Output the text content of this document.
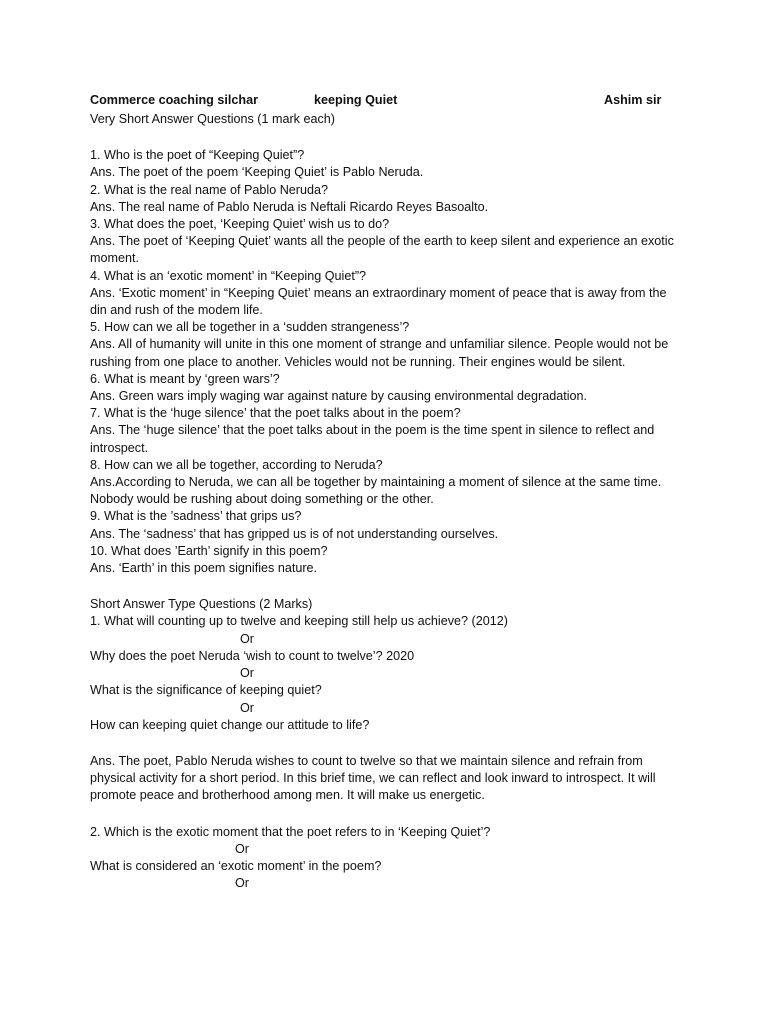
Commerce coaching silchar	keeping Quiet	Ashim sir
Very Short Answer Questions (1 mark each)
1. Who is the poet of “Keeping Quiet”?
Ans. The poet of the poem ‘Keeping Quiet’ is Pablo Neruda.
2. What is the real name of Pablo Neruda?
Ans. The real name of Pablo Neruda is Neftali Ricardo Reyes Basoalto.
3. What does the poet, ‘Keeping Quiet’ wish us to do?
Ans. The poet of ‘Keeping Quiet’ wants all the people of the earth to keep silent and experience an exotic moment.
4. What is an ‘exotic moment’ in “Keeping Quiet”?
Ans. ‘Exotic moment’ in “Keeping Quiet’ means an extraordinary moment of peace that is away from the din and rush of the modem life.
5. How can we all be together in a ‘sudden strangeness’?
Ans. All of humanity will unite in this one moment of strange and unfamiliar silence. People would not be rushing from one place to another. Vehicles would not be running. Their engines would be silent.
6. What is meant by ‘green wars’?
Ans. Green wars imply waging war against nature by causing environmental degradation.
7. What is the ‘huge silence’ that the poet talks about in the poem?
Ans. The ‘huge silence’ that the poet talks about in the poem is the time spent in silence to reflect and introspect.
8. How can we all be together, according to Neruda?
Ans.According to Neruda, we can all be together by maintaining a moment of silence at the same time. Nobody would be rushing about doing something or the other.
9. What is the ’sadness’ that grips us?
Ans. The ‘sadness’ that has gripped us is of not understanding ourselves.
10. What does ’Earth’ signify in this poem?
Ans. ‘Earth’ in this poem signifies nature.
Short Answer Type Questions (2 Marks)
1. What will counting up to twelve and keeping still help us achieve? (2012)
Or
Why does the poet Neruda ‘wish to count to twelve’? 2020
Or
What is the significance of keeping quiet?
Or
How can keeping quiet change our attitude to life?
Ans. The poet, Pablo Neruda wishes to count to twelve so that we maintain silence and refrain from physical activity for a short period. In this brief time, we can reflect and look inward to introspect. It will promote peace and brotherhood among men. It will make us energetic.
2. Which is the exotic moment that the poet refers to in ‘Keeping Quiet’?
Or
What is considered an ‘exotic moment’ in the poem?
Or
